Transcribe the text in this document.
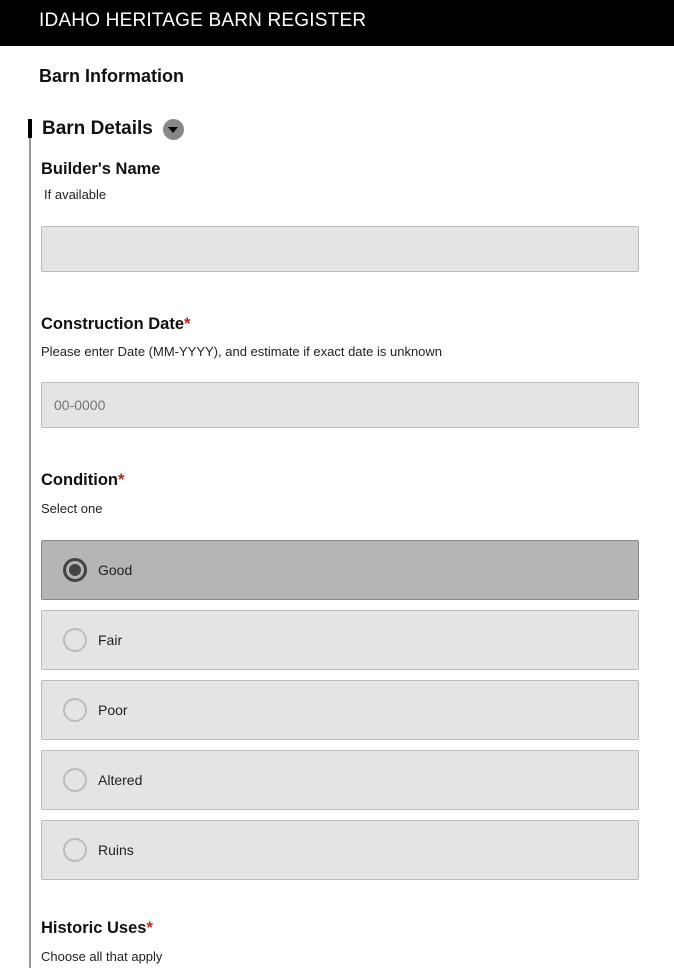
IDAHO HERITAGE BARN REGISTER
Barn Information
Barn Details
Builder's Name
If available
Construction Date*
Please enter Date (MM-YYYY), and estimate if exact date is unknown
00-0000
Condition*
Select one
Good
Fair
Poor
Altered
Ruins
Historic Uses*
Choose all that apply
